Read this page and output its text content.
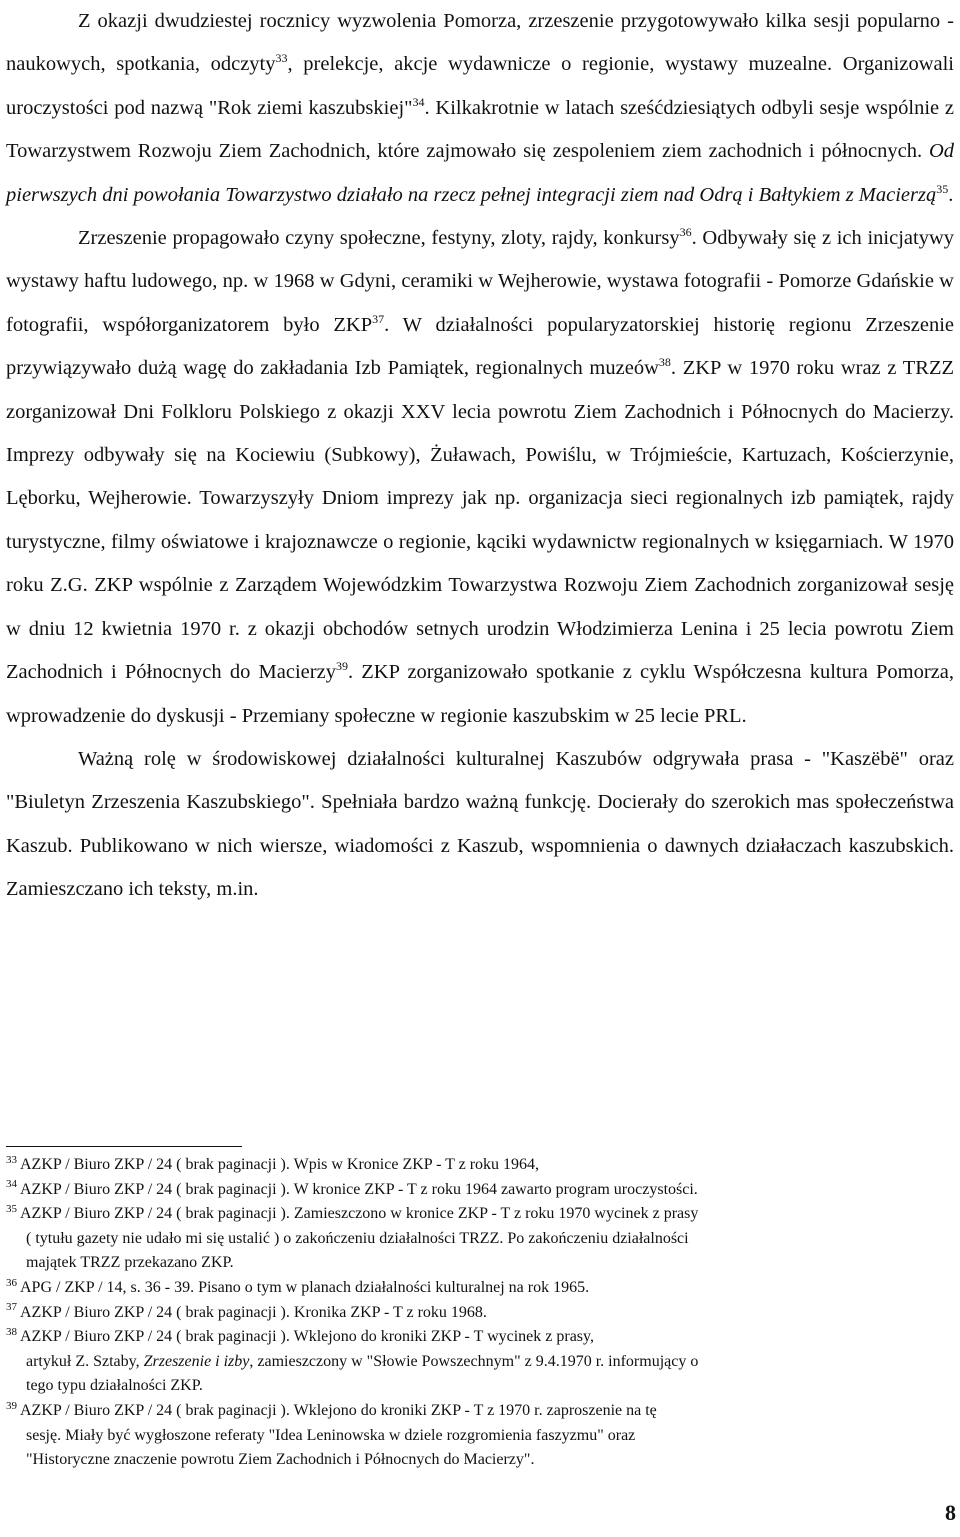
Z okazji dwudziestej rocznicy wyzwolenia Pomorza, zrzeszenie przygotowywało kilka sesji popularno - naukowych, spotkania, odczyty$^{33}$, prelekcje, akcje wydawnicze o regionie, wystawy muzealne. Organizowali uroczystości pod nazwą "Rok ziemi kaszubskiej"$^{34}$. Kilkakrotnie w latach sześćdziesiątych odbyli sesje wspólnie z Towarzystwem Rozwoju Ziem Zachodnich, które zajmowało się zespoleniem ziem zachodnich i północnych. Od pierwszych dni powołania Towarzystwo działało na rzecz pełnej integracji ziem nad Odrą i Bałtykiem z Macierzą$^{35}$.

Zrzeszenie propagowało czyny społeczne, festyny, zloty, rajdy, konkursy$^{36}$. Odbywały się z ich inicjatywy wystawy haftu ludowego, np. w 1968 w Gdyni, ceramiki w Wejherowie, wystawa fotografii - Pomorze Gdańskie w fotografii, współorganizatorem było ZKP$^{37}$. W działalności popularyzatorskiej historię regionu Zrzeszenie przywiązywało dużą wagę do zakładania Izb Pamiątek, regionalnych muzeów$^{38}$. ZKP w 1970 roku wraz z TRZZ zorganizował Dni Folkloru Polskiego z okazji XXV lecia powrotu Ziem Zachodnich i Północnych do Macierzy. Imprezy odbywały się na Kociewiu (Subkowy), Żuławach, Powiślu, w Trójmieście, Kartuzach, Kościerzynie, Lęborku, Wejherowie. Towarzyszyły Dniom imprezy jak np. organizacja sieci regionalnych izb pamiątek, rajdy turystyczne, filmy oświatowe i krajoznawcze o regionie, kąciki wydawnictw regionalnych w księgarniach. W 1970 roku Z.G. ZKP wspólnie z Zarządem Wojewódzkim Towarzystwa Rozwoju Ziem Zachodnich zorganizował sesję w dniu 12 kwietnia 1970 r. z okazji obchodów setnych urodzin Włodzimierza Lenina i 25 lecia powrotu Ziem Zachodnich i Północnych do Macierzy$^{39}$. ZKP zorganizowało spotkanie z cyklu Współczesna kultura Pomorza, wprowadzenie do dyskusji - Przemiany społeczne w regionie kaszubskim w 25 lecie PRL.

Ważną rolę w środowiskowej działalności kulturalnej Kaszubów odgrywała prasa - "Kaszëbë" oraz "Biuletyn Zrzeszenia Kaszubskiego". Spełniała bardzo ważną funkcję. Docierały do szerokich mas społeczeństwa Kaszub. Publikowano w nich wiersze, wiadomości z Kaszub, wspomnienia o dawnych działaczach kaszubskich. Zamieszczano ich teksty, m.in.

$^{33}$ AZKP / Biuro ZKP / 24 ( brak paginacji ). Wpis w Kronice ZKP - T z roku 1964,
$^{34}$ AZKP / Biuro ZKP / 24 ( brak paginacji ). W kronice ZKP - T z roku 1964 zawarto program uroczystości.
$^{35}$ AZKP / Biuro ZKP / 24 ( brak paginacji ). Zamieszczono w kronice ZKP - T z roku 1970 wycinek z prasy
( tytułu gazety nie udało mi się ustalić ) o zakończeniu działalności TRZZ. Po zakończeniu działalności
majątek TRZZ przekazano ZKP.
$^{36}$ APG / ZKP / 14, s. 36 - 39. Pisano o tym w planach działalności kulturalnej na rok 1965.
$^{37}$ AZKP / Biuro ZKP / 24 ( brak paginacji ). Kronika ZKP - T z roku 1968.
$^{38}$ AZKP / Biuro ZKP / 24 ( brak paginacji ). Wklejono do kroniki ZKP - T wycinek z prasy,
artykuł Z. Sztaby, Zrzeszenie i izby, zamieszczony w "Słowie Powszechnym" z 9.4.1970 r. informujący o
tego typu działalności ZKP.
$^{39}$ AZKP / Biuro ZKP / 24 ( brak paginacji ). Wklejono do kroniki ZKP - T z 1970 r. zaproszenie na tę
sesję. Miały być wygłoszone referaty "Idea Leninowska w dziele rozgromienia faszyzmu" oraz
"Historyczne znaczenie powrotu Ziem Zachodnich i Północnych do Macierzy".
8
